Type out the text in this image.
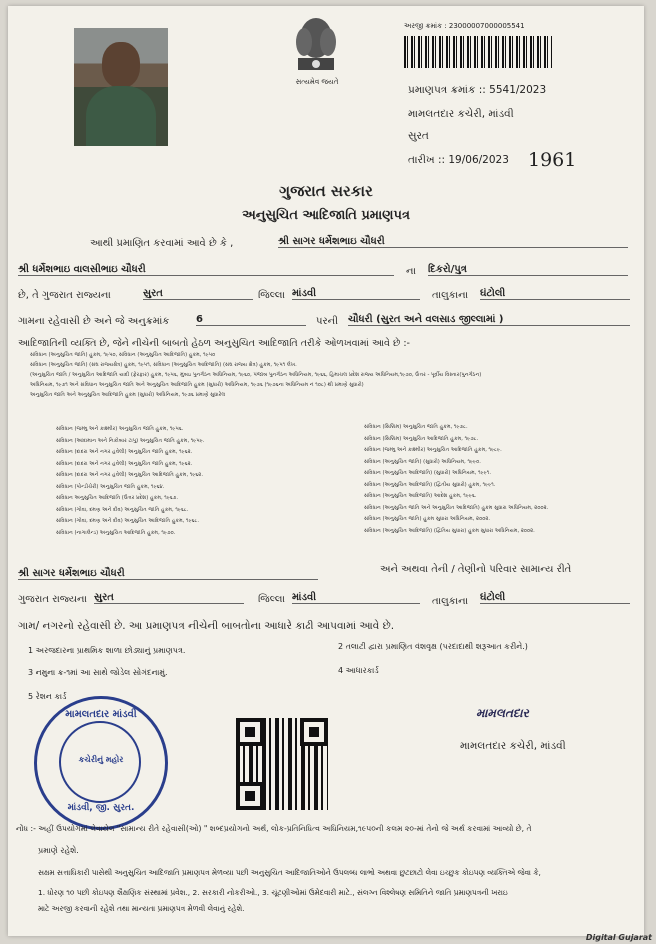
સત્યમેવ જયતે
અરજી ક્રમાંક : 23000007000005541
પ્રમાણપત્ર ક્રમાંક :: 5541/2023
મામલતદાર કચેરી, માંડવી
સુરત
તારીખ :: 19/06/2023 1961
ગુજરાત સરકાર
અનુસુચિત આદિજાતિ પ્રમાણપત્ર
આથી પ્રમાણિત કરવામાં આવે છે કે ,	શ્રી સાગર ધર્મેશભાઇ ચૌધરી
શ્રી ધર્મેશભાઇ વાલસીભાઇ ચૌધરી	ના દિકરો/પુત્ર
છે, તે ગુજરાત રાજ્યના	સુરત	જિલ્લા માંડવી	તાલુકાના ઘંટોલી
ગામના રહેવાસી છે અને જે અનુક્રમાંક	6	પરની ચૌધરી (સુરત અને વલસાડ જીલ્લામાં )
આદિજાતિની વ્યક્તિ છે, જેને નીચેની બાબતો હેઠળ અનુસુચિત આદિજાતિ તરીકે ઓળખવામાં આવે છે :-
સંવિધાન (અનુસુચિત જાતિ) હુકમ, ૧૯૫૦, સંવિધાન (અનુસુચિત આદિજાતિ) હુકમ, ૧૯૫૦
સંવિધાન (અનુસુચિત જાતિ) (સંઘ રાજ્યક્ષેત્ર) હુકમ, ૧૯૫૧, સંવિધાન (અનુસુચિત આદિજાતિ) (સંઘ રાજ્ય ક્ષેત્ર) હુકમ, ૧૯૫૧ લેખ.
(અનુસુચિત જાતિ / અનુસુચિત આદિજાતિ યાદી (ફેરફાર) હુકમ, ૧૯૫૬, મુંબઇ પુનર્ગઠન અધિનિયમ, ૧૯૬૦, પંજાબ પુનર્ગઠન અધિનિયમ, ૧૯૬૬, હિમાચલ પ્રદેશ રાજ્ય અધિનિયમ,૧૯૭૦, ઉત્તર - પૂર્વીય વિસ્તાર(પુનર્ગઠન)
અધિનિયમ, ૧૯૭૧ અને સંવિધાન અનુસુચિત જાતિ અને અનુસુચિત આદિજાતિ હુકમ (સુધારો) અધિનિયમ, ૧૯૭૬ (૧૯૭૬ના અધિનિયમ નં ૧૦૮) થી પ્રમાણે સુધારો)
અનુસુચિત જાતિ અને અનુસુચિત આદિજાતિ હુકમ (સુધારો) અધિનિયમ, ૧૯૭૬ પ્રમાણે સુધારેલ
સંવિધાન (જમ્મુ અને કાશ્મીર) અનુસુચિત જાતિ હુકમ, ૧૯૫૬.
સંવિધાન (આંદામાન અને નિકોબાર ટાપુ) અનુસુચિત જાતિ હુકમ, ૧૯૫૯.
સંવિધાન (દાદરા અને નગર હવેલી) અનુસુચિત જાતિ હુકમ, ૧૯૬૨.
સંવિધાન (દાદરા અને નગર હવેલી) અનુસુચિત જાતિ હુકમ, ૧૯૬૨.
સંવિધાન (દાદરા અને નગર હવેલી) અનુસુચિત આદિજાતિ હુકમ, ૧૯૬૨.
સંવિધાન (પોન્ડીચેરી) અનુસુચિત જાતિ હુકમ, ૧૯૬૪.
સંવિધાન અનુસુચિત આદિજાતિ (ઉત્તર પ્રદેશ) હુકમ, ૧૯૬૭.
સંવિધાન (ગોવા, દમણ અને દીવ) અનુસુચિત જાતિ હુકમ, ૧૯૬૮.
સંવિધાન (ગોવા, દમણ અને દીવ) અનુસુચિત આદિજાતિ હુકમ, ૧૯૬૮.
સંવિધાન (નાગાલેન્ડ) અનુસુચિત આદિજાતિ હુકમ, ૧૯૭૦.
સંવિધાન (સિક્કિમ) અનુસુચિત જાતિ હુકમ, ૧૯૭૮.
સંવિધાન (સિક્કિમ) અનુસુચિત આદિજાતિ હુકમ, ૧૯૭૮.
સંવિધાન (જમ્મુ અને કાશ્મીર) અનુસુચિત આદિજાતિ હુકમ, ૧૯૮૯.
સંવિધાન (અનુસુચિત જાતિ) (સુધારો) અધિનિયમ, ૧૯૯૦.
સંવિધાન (અનુસુચિત આદિજાતિ) (સુધારો) અધિનિયમ, ૧૯૯૧.
સંવિધાન (અનુસુચિત આદિજાતિ) (દ્વિતીય સુધારો) હુકમ, ૧૯૯૧.
સંવિધાન (અનુસુચિત આદિજાતિ) આદેશ હુકમ, ૧૯૯૬.
સંવિધાન (અનુસુચિત જાતિ અને અનુસુચિત આદિજાતિ) હુકમ સુધારા અધિનિયમ, ૨૦૦૨.
સંવિધાન (અનુસુચિત જાતિ) હુકમ સુધારા અધિનિયમ, ૨૦૦૨.
સંવિધાન (અનુસુચિત આદિજાતિ) (દ્વિતિય સુધારા) હુકમ સુધારા અધિનિયમ, ૨૦૦૨.
શ્રી સાગર ધર્મેશભાઇ ચૌધરી	અને અથવા તેની / તેણીનો પરિવાર સામાન્ય રીતે
ગુજરાત રાજ્યના સુરત	જિલ્લા માંડવી	તાલુકાના ઘંટોલી
ગામ/ નગરનો રહેવાસી છે. આ પ્રમાણપત્ર નીચેની બાબતોના આધારે કાઢી આપવામાં આવે છે.
1 અરજદારના પ્રાથમિક શાળા છોડ્યાનું પ્રમાણપત્ર.	2 તલાટી દ્વારા પ્રમાણિત વંશવૃક્ષ (પરદાદાથી શરૂઆત કરીને.)
3 નમુના ક્ર-૧માં આ સાથે જોડેલ સોગંદનામું.	4 આધારકાર્ડ
5 રેશન કાર્ડ
મામલતદાર માંડવી
કચેરીનું મહોર
માંડવી, જી. સુરત.
મામલતદાર
મામલતદાર કચેરી, માંડવી
નોંધ :- અહીં ઉપયોગમાં લેવાયેલ "સામાન્ય રીતે રહેવાસી(ઓ) " શબ્દપ્રયોગનો અર્થ, લોક-પ્રતિનિધિત્વ અધિનિયમ,૧૯૫૦ની કલમ ૨૦-માં તેનો જે અર્થ કરવામાં આવ્યો છે, તે
પ્રમાણે રહેશે.
સક્ષમ સત્તાધિકારી પાસેથી અનુસુચિત આદિજાતિ પ્રમાણપત્ર મેળવ્યા પછી અનુસુચિત આદિજાતિઓને ઉપલબ્ધ લાભો અથવા છુટછાટો લેવા ઇચ્છુક કોઇપણ વ્યક્તિએ જેવા કે,
1. ધોરણ ૧૦ પછી કોઇપણ શૈક્ષણિક સંસ્થામાં પ્રવેશ., 2. સરકારી નોકરીઓ., 3. ચૂંટણીઓમાં ઉમેદવારી માટે., સંલગ્ન વિશ્લેષણ સમિતિને જાતિ પ્રમાણપત્રની ખરાઇ
માટે અરજી કરવાની રહેશે તથા માન્યતા પ્રમાણપત્ર મેળવી લેવાનું રહેશે.
Digital Gujarat
